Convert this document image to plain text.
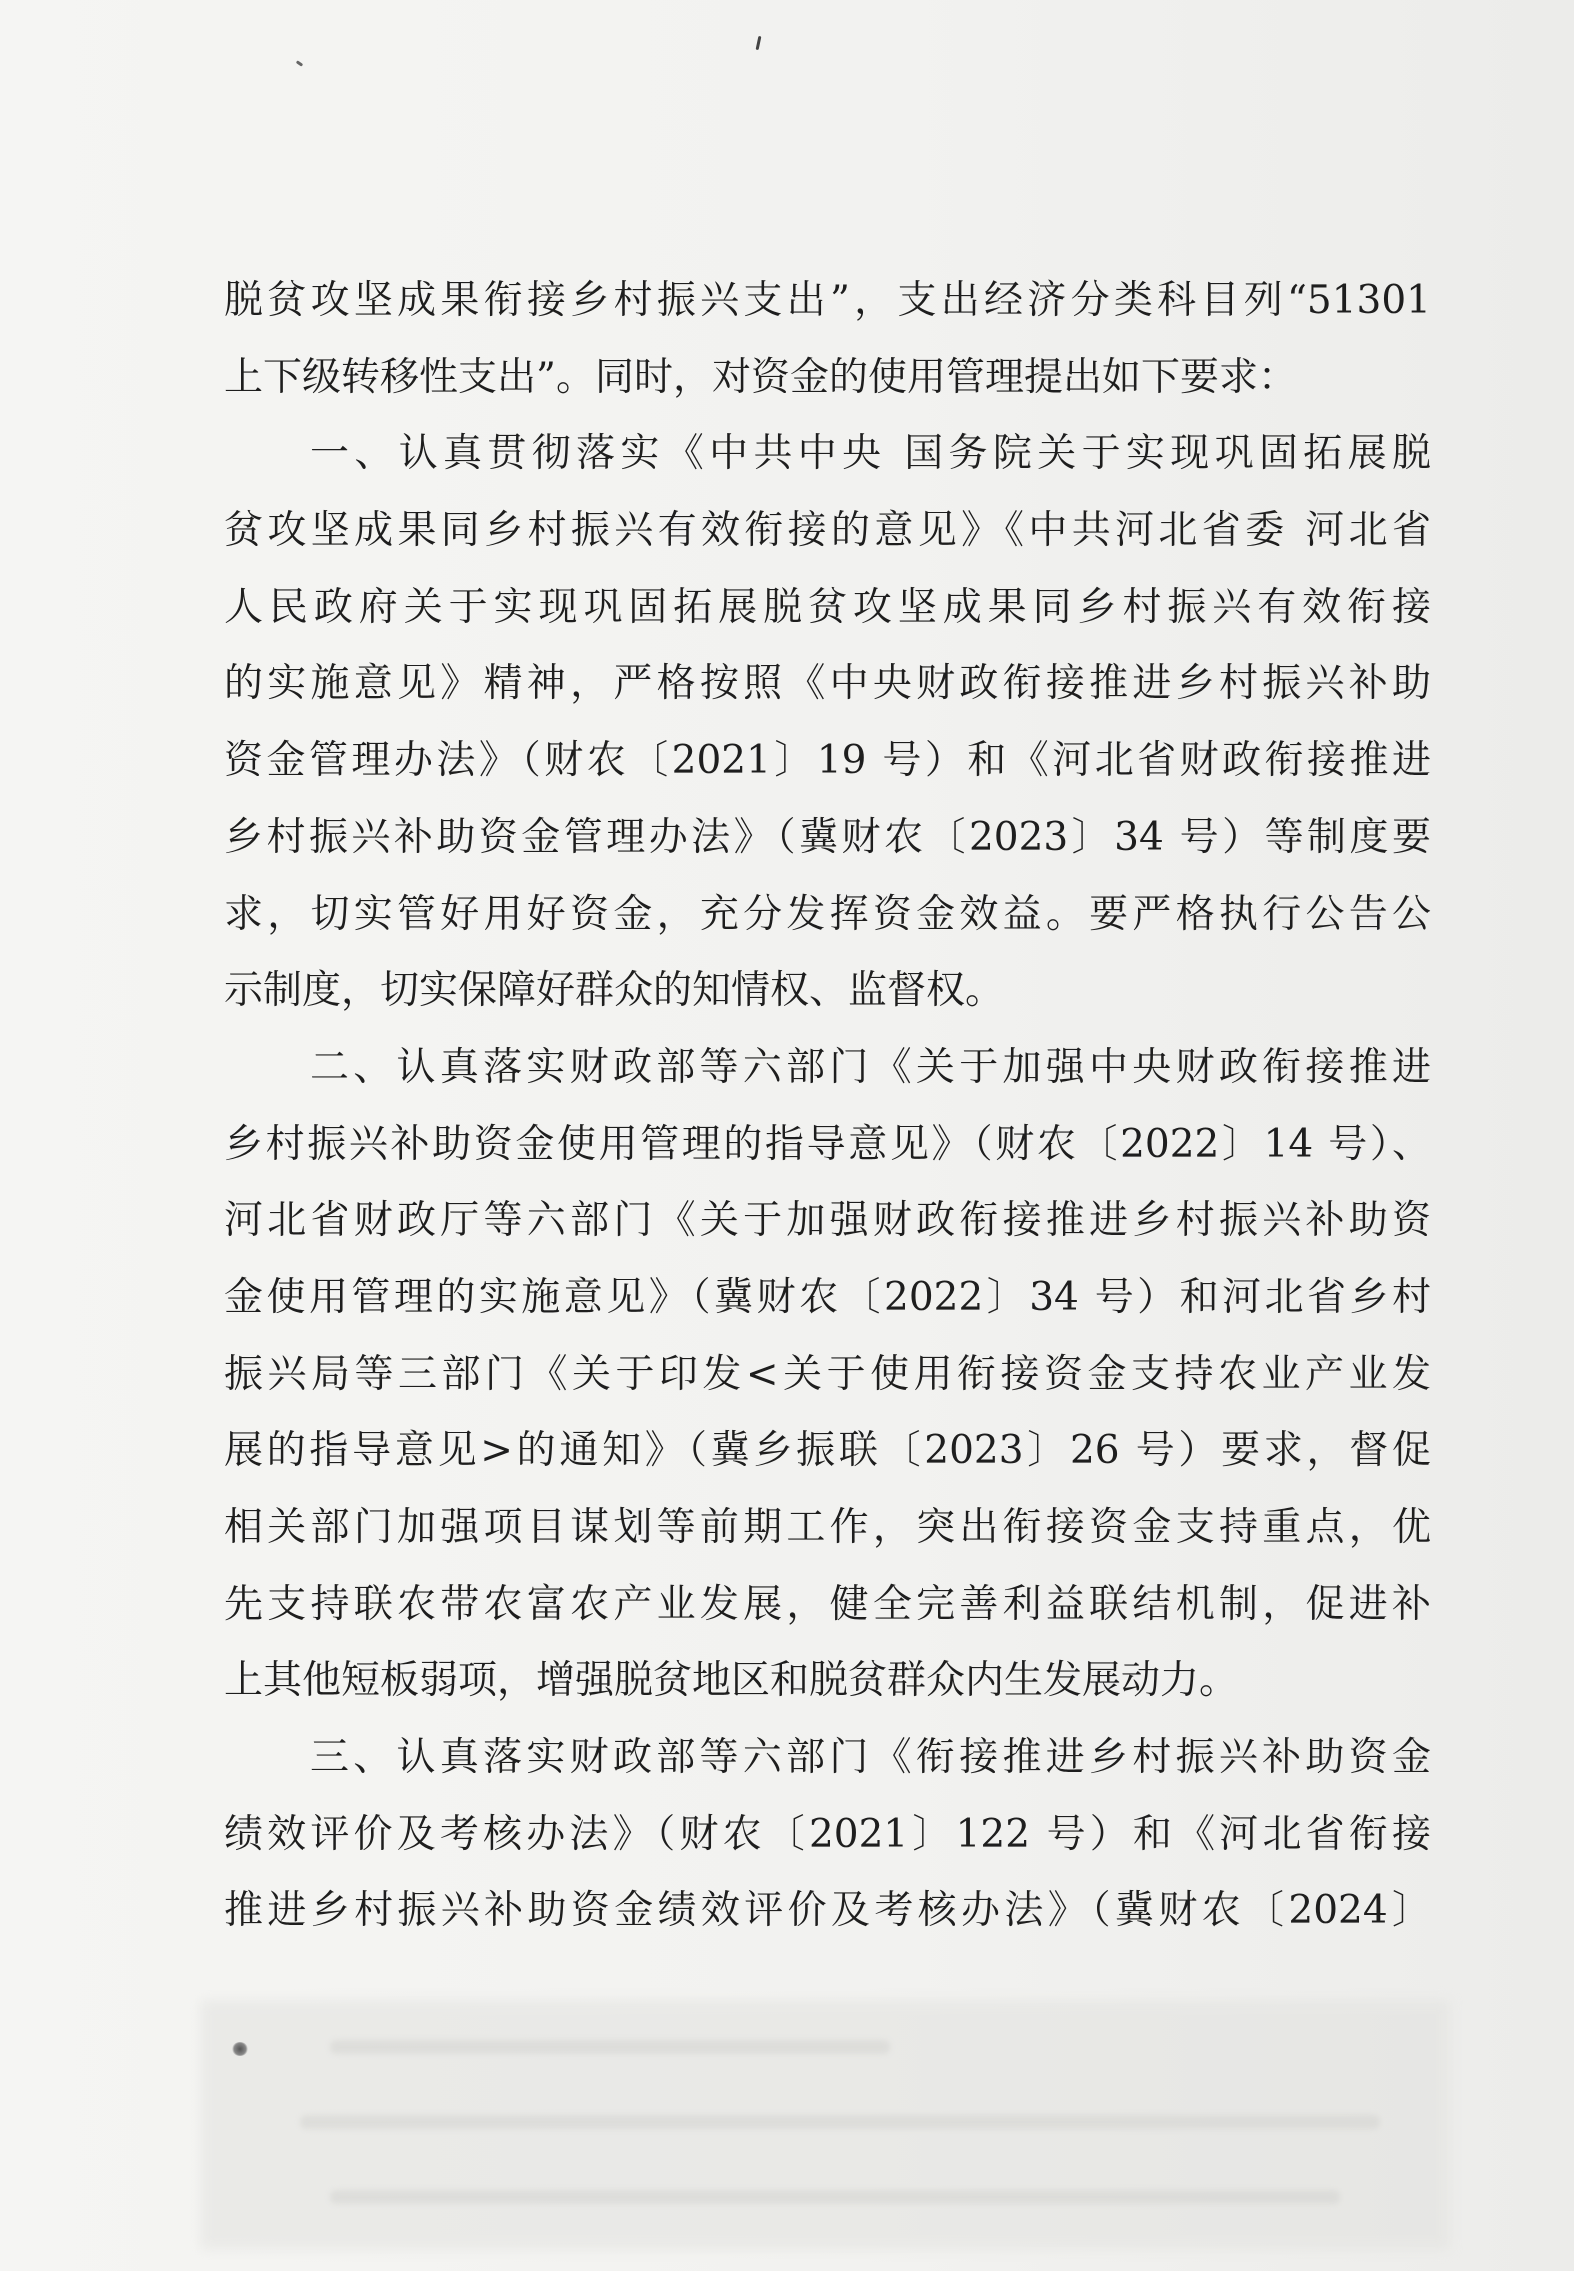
脱贫攻坚成果衔接乡村振兴支出”，支出经济分类科目列“51301
上下级转移性支出”。同时，对资金的使用管理提出如下要求：
一、认真贯彻落实《中共中央 国务院关于实现巩固拓展脱
贫攻坚成果同乡村振兴有效衔接的意见》《中共河北省委 河北省
人民政府关于实现巩固拓展脱贫攻坚成果同乡村振兴有效衔接
的实施意见》精神，严格按照《中央财政衔接推进乡村振兴补助
资金管理办法》（财农〔2021〕19 号）和《河北省财政衔接推进
乡村振兴补助资金管理办法》（冀财农〔2023〕34 号）等制度要
求，切实管好用好资金，充分发挥资金效益。要严格执行公告公
示制度，切实保障好群众的知情权、监督权。
二、认真落实财政部等六部门《关于加强中央财政衔接推进
乡村振兴补助资金使用管理的指导意见》（财农〔2022〕14 号）、
河北省财政厅等六部门《关于加强财政衔接推进乡村振兴补助资
金使用管理的实施意见》（冀财农〔2022〕34 号）和河北省乡村
振兴局等三部门《关于印发<关于使用衔接资金支持农业产业发
展的指导意见>的通知》（冀乡振联〔2023〕26 号）要求，督促
相关部门加强项目谋划等前期工作，突出衔接资金支持重点，优
先支持联农带农富农产业发展，健全完善利益联结机制，促进补
上其他短板弱项，增强脱贫地区和脱贫群众内生发展动力。
三、认真落实财政部等六部门《衔接推进乡村振兴补助资金
绩效评价及考核办法》（财农〔2021〕122 号）和《河北省衔接
推进乡村振兴补助资金绩效评价及考核办法》（冀财农〔2024〕
